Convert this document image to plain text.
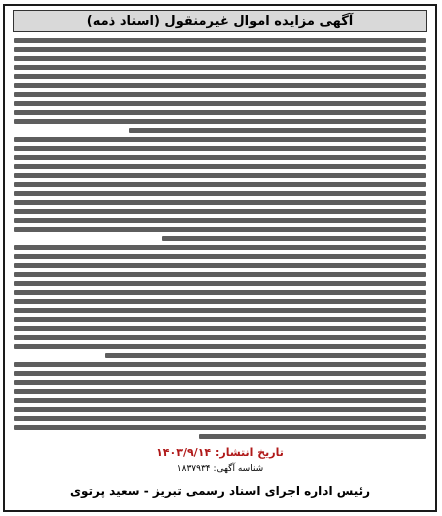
آگهی مزایده اموال غیرمنقول (اسناد ذمه)
تاریخ انتشار: ۱۴۰۳/۹/۱۴
شناسه آگهی: ۱۸۳۷۹۳۴
رئیس اداره اجرای اسناد رسمی تبریز - سعید پرتوی
